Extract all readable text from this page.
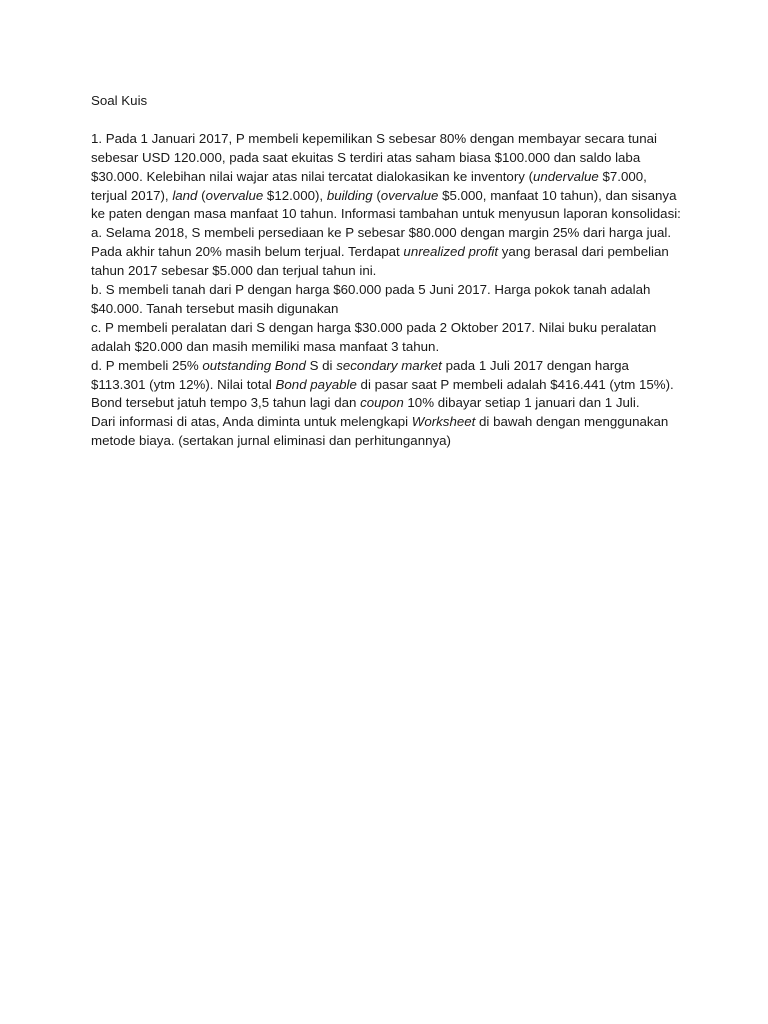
Soal Kuis

1. Pada 1 Januari 2017, P membeli kepemilikan S sebesar 80% dengan membayar secara tunai sebesar USD 120.000, pada saat ekuitas S terdiri atas saham biasa $100.000 dan saldo laba $30.000. Kelebihan nilai wajar atas nilai tercatat dialokasikan ke inventory (undervalue $7.000, terjual 2017), land (overvalue $12.000), building (overvalue $5.000, manfaat 10 tahun), dan sisanya ke paten dengan masa manfaat 10 tahun. Informasi tambahan untuk menyusun laporan konsolidasi:

a. Selama 2018, S membeli persediaan ke P sebesar $80.000 dengan margin 25% dari harga jual. Pada akhir tahun 20% masih belum terjual. Terdapat unrealized profit yang berasal dari pembelian tahun 2017 sebesar $5.000 dan terjual tahun ini.

b. S membeli tanah dari P dengan harga $60.000 pada 5 Juni 2017. Harga pokok tanah adalah $40.000. Tanah tersebut masih digunakan

c. P membeli peralatan dari S dengan harga $30.000 pada 2 Oktober 2017. Nilai buku peralatan adalah $20.000 dan masih memiliki masa manfaat 3 tahun.

d. P membeli 25% outstanding Bond S di secondary market pada 1 Juli 2017 dengan harga $113.301 (ytm 12%). Nilai total Bond payable di pasar saat P membeli adalah $416.441 (ytm 15%). Bond tersebut jatuh tempo 3,5 tahun lagi dan coupon 10% dibayar setiap 1 januari dan 1 Juli.

Dari informasi di atas, Anda diminta untuk melengkapi Worksheet di bawah dengan menggunakan metode biaya. (sertakan jurnal eliminasi dan perhitungannya)
